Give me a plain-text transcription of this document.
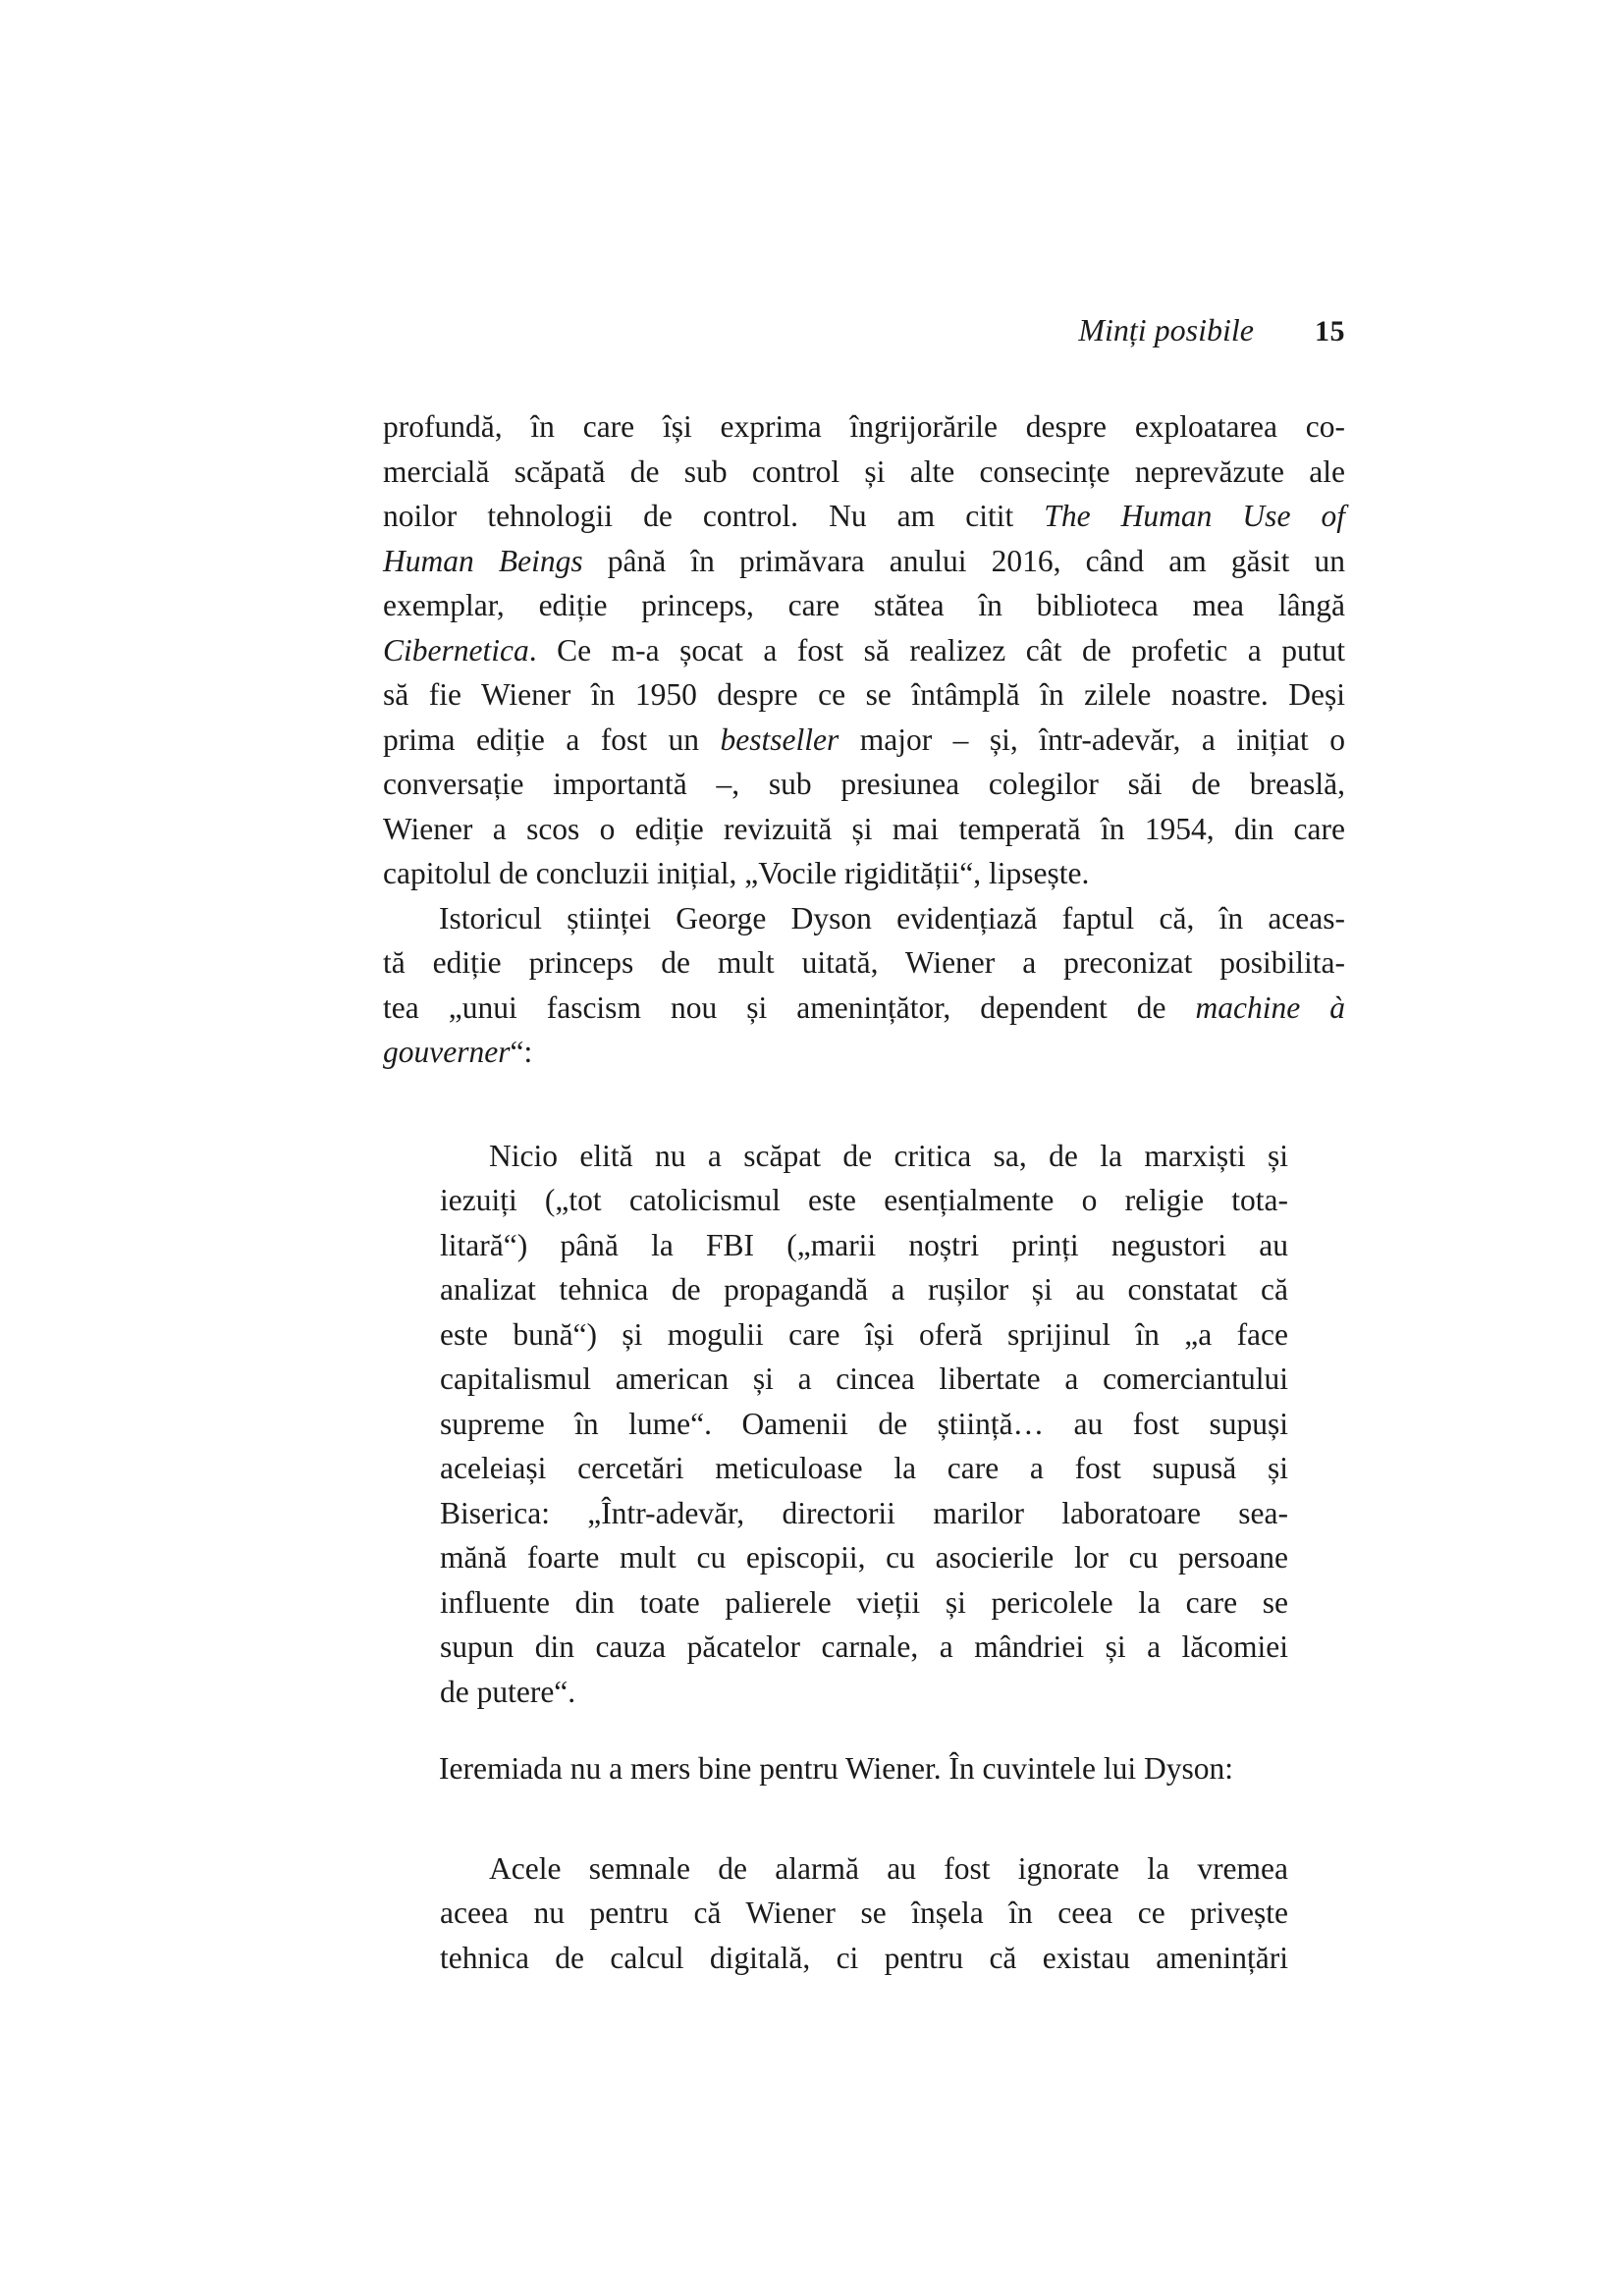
Minți posibile 15
profundă, în care își exprima îngrijorările despre exploatarea co-
mercială scăpată de sub control și alte consecințe neprevăzute ale
noilor tehnologii de control. Nu am citit The Human Use of
Human Beings până în primăvara anului 2016, când am găsit un
exemplar, ediție princeps, care stătea în biblioteca mea lângă
Cibernetica. Ce m-a șocat a fost să realizez cât de profetic a putut
să fie Wiener în 1950 despre ce se întâmplă în zilele noastre. Deși
prima ediție a fost un bestseller major – și, într-adevăr, a inițiat o
conversație importantă –, sub presiunea colegilor săi de breaslă,
Wiener a scos o ediție revizuită și mai temperată în 1954, din care
capitolul de concluzii inițial, „Vocile rigidității“, lipsește.
Istoricul științei George Dyson evidențiază faptul că, în aceas-
tă ediție princeps de mult uitată, Wiener a preconizat posibilita-
tea „unui fascism nou și amenințător, dependent de machine à
gouverner“:
Nicio elită nu a scăpat de critica sa, de la marxiști și
iezuiți („tot catolicismul este esențialmente o religie tota-
litară“) până la FBI („marii noștri prinți negustori au
analizat tehnica de propagandă a rușilor și au constatat că
este bună“) și mogulii care își oferă sprijinul în „a face
capitalismul american și a cincea libertate a comerciantului
supreme în lume“. Oamenii de știință… au fost supuși
aceleiași cercetări meticuloase la care a fost supusă și
Biserica: „Într-adevăr, directorii marilor laboratoare sea-
mănă foarte mult cu episcopii, cu asocierile lor cu persoane
influente din toate palierele vieții și pericolele la care se
supun din cauza păcatelor carnale, a mândriei și a lăcomiei
de putere“.
Ieremiada nu a mers bine pentru Wiener. În cuvintele lui Dyson:
Acele semnale de alarmă au fost ignorate la vremea
aceea nu pentru că Wiener se înșela în ceea ce privește
tehnica de calcul digitală, ci pentru că existau amenințări
